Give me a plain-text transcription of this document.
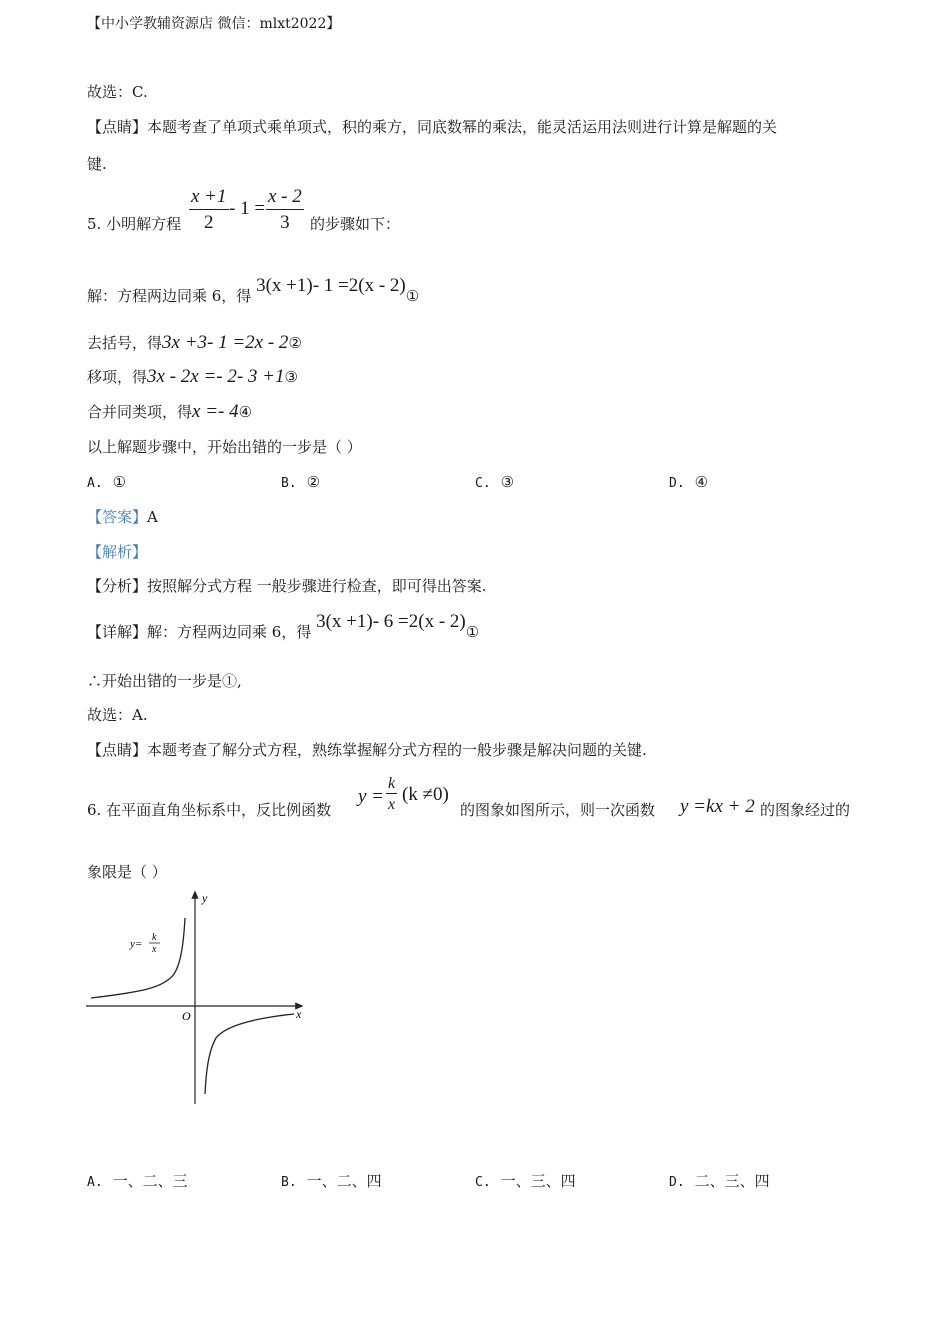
【中小学教辅资源店 微信：mlxt2022】
故选：C.
【点睛】本题考查了单项式乘单项式，积的乘方，同底数幂的乘法，能灵活运用法则进行计算是解题的关
键.
5. 小明解方程 $\frac{x +1}{2} - 1 = \frac{x - 2}{3}$ 的步骤如下：
解：方程两边同乘 6，得 3(x +1)- 1 =2(x - 2)①
去括号，得3x +3- 1 =2x - 2②
移项，得3x - 2x =- 2- 3 +1③
合并同类项，得x =- 4④
以上解题步骤中，开始出错的一步是（ ）
A. ①	B. ②	C. ③	D. ④
【答案】A
【解析】
【分析】按照解分式方程 一般步骤进行检查，即可得出答案.
【详解】解：方程两边同乘 6，得 3(x +1)- 6 =2(x - 2)①
∴开始出错的一步是①,
故选：A.
【点睛】本题考查了解分式方程，熟练掌握解分式方程的一般步骤是解决问题的关键.
6. 在平面直角坐标系中，反比例函数
$y = \frac{k}{x} (k \ne 0)$
的图象如图所示，则一次函数 y =kx + 2 的图象经过的
象限是（ ）
y
x
O
y=
k
x
A. 一、二、三	B. 一、二、四	C. 一、三、四	D. 二、三、四
